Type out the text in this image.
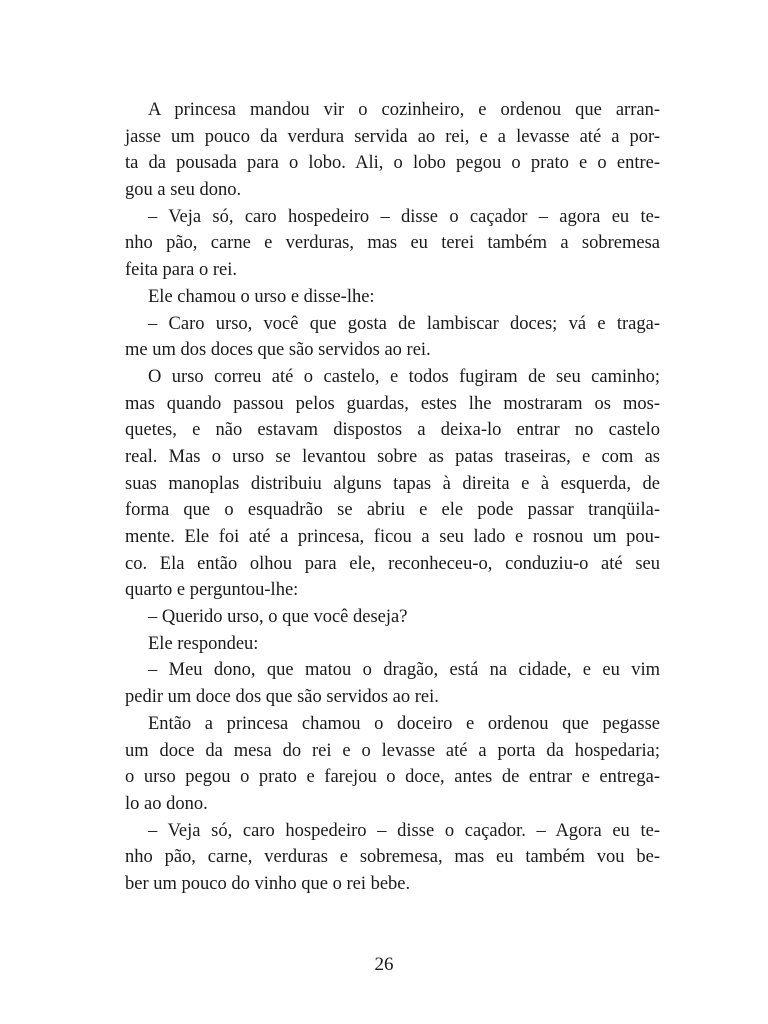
A princesa mandou vir o cozinheiro, e ordenou que arran-
jasse um pouco da verdura servida ao rei, e a levasse até a por-
ta da pousada para o lobo. Ali, o lobo pegou o prato e o entre-
gou a seu dono.
– Veja só, caro hospedeiro – disse o caçador – agora eu te-
nho pão, carne e verduras, mas eu terei também a sobremesa
feita para o rei.
Ele chamou o urso e disse-lhe:
– Caro urso, você que gosta de lambiscar doces; vá e traga-
me um dos doces que são servidos ao rei.
O urso correu até o castelo, e todos fugiram de seu caminho;
mas quando passou pelos guardas, estes lhe mostraram os mos-
quetes, e não estavam dispostos a deixa-lo entrar no castelo
real. Mas o urso se levantou sobre as patas traseiras, e com as
suas manoplas distribuiu alguns tapas à direita e à esquerda, de
forma que o esquadrão se abriu e ele pode passar tranqüila-
mente. Ele foi até a princesa, ficou a seu lado e rosnou um pou-
co. Ela então olhou para ele, reconheceu-o, conduziu-o até seu
quarto e perguntou-lhe:
– Querido urso, o que você deseja?
Ele respondeu:
– Meu dono, que matou o dragão, está na cidade, e eu vim
pedir um doce dos que são servidos ao rei.
Então a princesa chamou o doceiro e ordenou que pegasse
um doce da mesa do rei e o levasse até a porta da hospedaria;
o urso pegou o prato e farejou o doce, antes de entrar e entrega-
lo ao dono.
– Veja só, caro hospedeiro – disse o caçador. – Agora eu te-
nho pão, carne, verduras e sobremesa, mas eu também vou be-
ber um pouco do vinho que o rei bebe.
26
